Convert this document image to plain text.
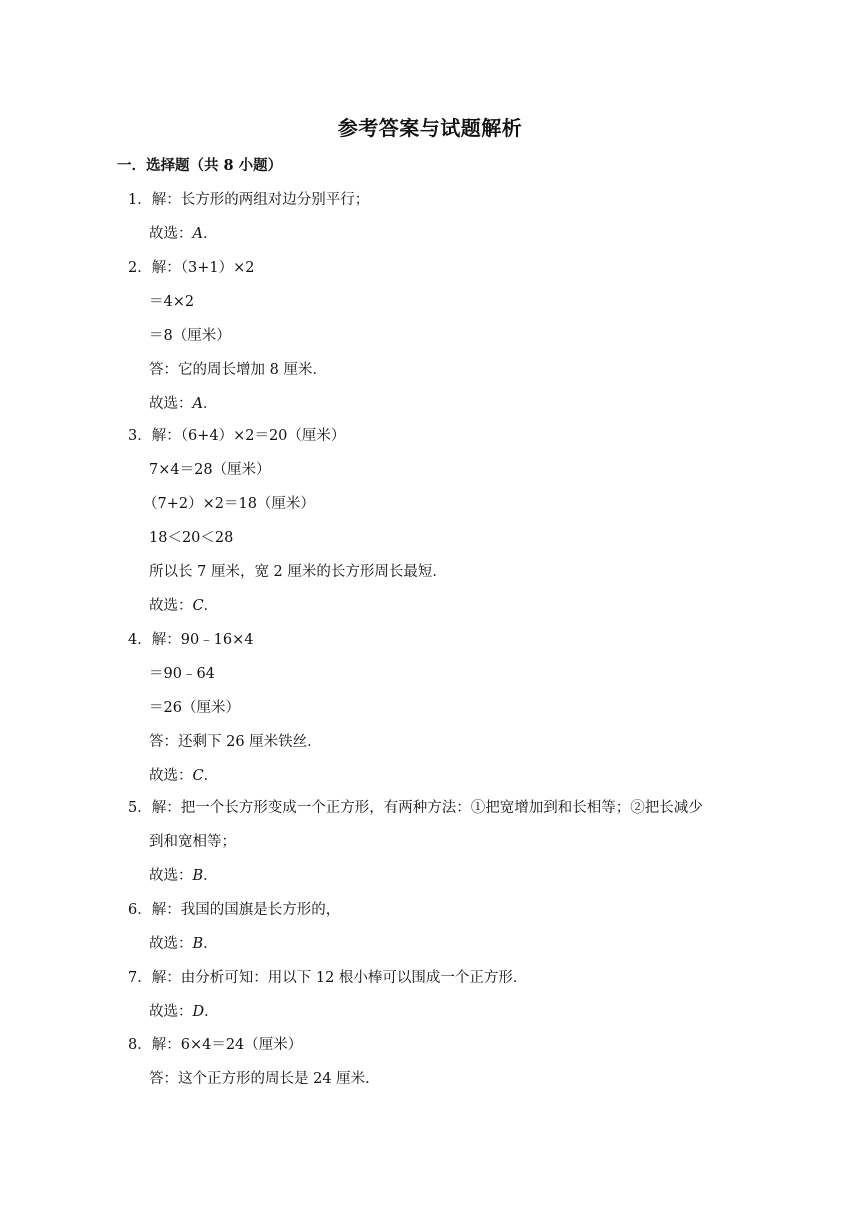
参考答案与试题解析
一．选择题（共 8 小题）
1．解：长方形的两组对边分别平行；
故选：A．
2．解：（3+1）×2
＝4×2
＝8（厘米）
答：它的周长增加 8 厘米．
故选：A．
3．解：（6+4）×2＝20（厘米）
7×4＝28（厘米）
（7+2）×2＝18（厘米）
18＜20＜28
所以长 7 厘米，宽 2 厘米的长方形周长最短．
故选：C．
4．解：90﹣16×4
＝90﹣64
＝26（厘米）
答：还剩下 26 厘米铁丝．
故选：C．
5．解：把一个长方形变成一个正方形，有两种方法：①把宽增加到和长相等；②把长减少
到和宽相等；
故选：B．
6．解：我国的国旗是长方形的，
故选：B．
7．解：由分析可知：用以下 12 根小棒可以围成一个正方形．
故选：D．
8．解：6×4＝24（厘米）
答：这个正方形的周长是 24 厘米.
